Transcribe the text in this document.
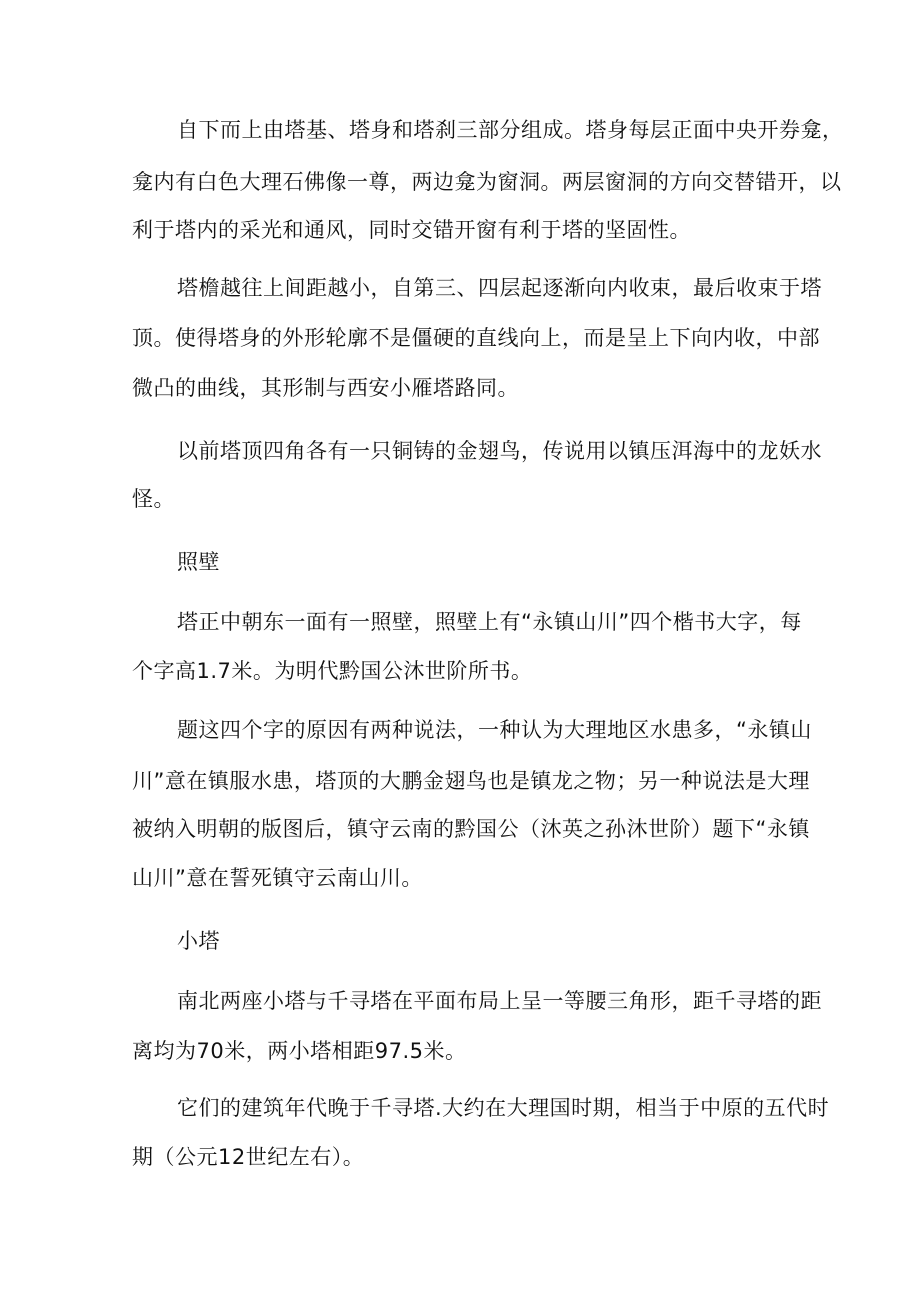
自下而上由塔基、塔身和塔刹三部分组成。塔身每层正面中央开券龛，
龛内有白色大理石佛像一尊，两边龛为窗洞。两层窗洞的方向交替错开，以
利于塔内的采光和通风，同时交错开窗有利于塔的坚固性。
塔檐越往上间距越小，自第三、四层起逐渐向内收束，最后收束于塔
顶。使得塔身的外形轮廓不是僵硬的直线向上，而是呈上下向内收，中部
微凸的曲线，其形制与西安小雁塔路同。
以前塔顶四角各有一只铜铸的金翅鸟，传说用以镇压洱海中的龙妖水
怪。
照壁
塔正中朝东一面有一照壁，照壁上有“永镇山川”四个楷书大字，每
个字高1.7米。为明代黔国公沐世阶所书。
题这四个字的原因有两种说法，一种认为大理地区水患多，“永镇山
川”意在镇服水患，塔顶的大鹏金翅鸟也是镇龙之物；另一种说法是大理
被纳入明朝的版图后，镇守云南的黔国公（沐英之孙沐世阶）题下“永镇
山川”意在誓死镇守云南山川。
小塔
南北两座小塔与千寻塔在平面布局上呈一等腰三角形，距千寻塔的距
离均为70米，两小塔相距97.5米。
它们的建筑年代晚于千寻塔.大约在大理国时期，相当于中原的五代时
期（公元12世纪左右）。
